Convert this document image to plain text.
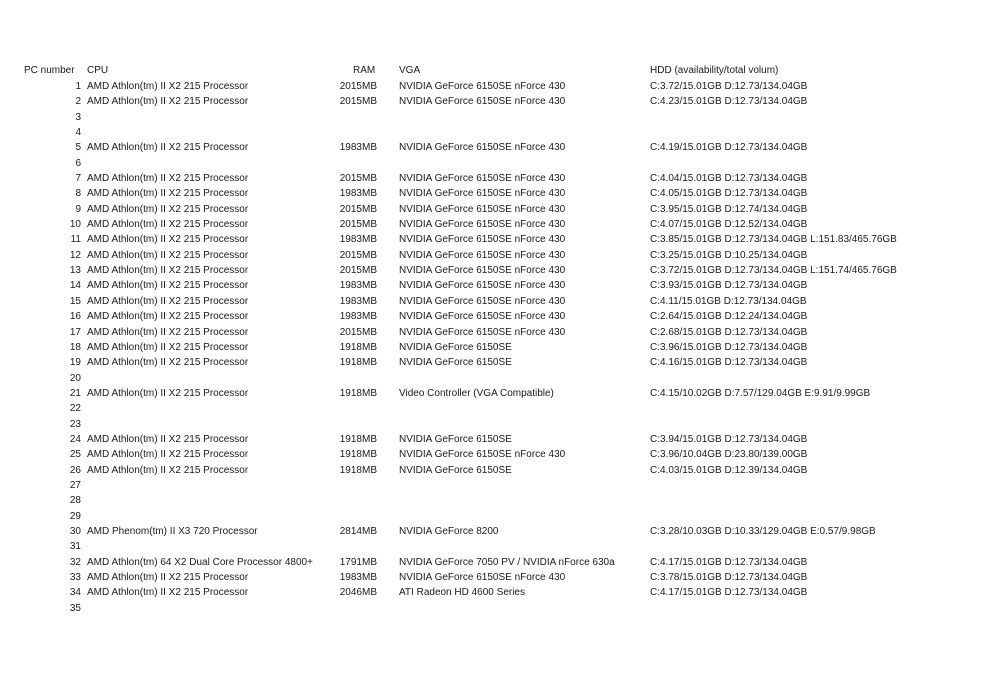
PC number CPU	RAM VGA	HDD (availability/total volum)
1 AMD Athlon(tm) II X2 215 Processor	2015MB NVIDIA GeForce 6150SE nForce 430	C:3.72/15.01GB D:12.73/134.04GB
2 AMD Athlon(tm) II X2 215 Processor	2015MB NVIDIA GeForce 6150SE nForce 430	C:4.23/15.01GB D:12.73/134.04GB
3
4
5 AMD Athlon(tm) II X2 215 Processor	1983MB NVIDIA GeForce 6150SE nForce 430	C:4.19/15.01GB D:12.73/134.04GB
6
7 AMD Athlon(tm) II X2 215 Processor	2015MB NVIDIA GeForce 6150SE nForce 430	C:4.04/15.01GB D:12.73/134.04GB
8 AMD Athlon(tm) II X2 215 Processor	1983MB NVIDIA GeForce 6150SE nForce 430	C:4.05/15.01GB D:12.73/134.04GB
9 AMD Athlon(tm) II X2 215 Processor	2015MB NVIDIA GeForce 6150SE nForce 430	C:3.95/15.01GB D:12.74/134.04GB
10 AMD Athlon(tm) II X2 215 Processor	2015MB NVIDIA GeForce 6150SE nForce 430	C:4.07/15.01GB D:12.52/134.04GB
11 AMD Athlon(tm) II X2 215 Processor	1983MB NVIDIA GeForce 6150SE nForce 430	C:3.85/15.01GB D:12.73/134.04GB L:151.83/465.76GB
12 AMD Athlon(tm) II X2 215 Processor	2015MB NVIDIA GeForce 6150SE nForce 430	C:3.25/15.01GB D:10.25/134.04GB
13 AMD Athlon(tm) II X2 215 Processor	2015MB NVIDIA GeForce 6150SE nForce 430	C:3.72/15.01GB D:12.73/134.04GB L:151.74/465.76GB
14 AMD Athlon(tm) II X2 215 Processor	1983MB NVIDIA GeForce 6150SE nForce 430	C:3.93/15.01GB D:12.73/134.04GB
15 AMD Athlon(tm) II X2 215 Processor	1983MB NVIDIA GeForce 6150SE nForce 430	C:4.11/15.01GB D:12.73/134.04GB
16 AMD Athlon(tm) II X2 215 Processor	1983MB NVIDIA GeForce 6150SE nForce 430	C:2.64/15.01GB D:12.24/134.04GB
17 AMD Athlon(tm) II X2 215 Processor	2015MB NVIDIA GeForce 6150SE nForce 430	C:2.68/15.01GB D:12.73/134.04GB
18 AMD Athlon(tm) II X2 215 Processor	1918MB NVIDIA GeForce 6150SE	C:3.96/15.01GB D:12.73/134.04GB
19 AMD Athlon(tm) II X2 215 Processor	1918MB NVIDIA GeForce 6150SE	C:4.16/15.01GB D:12.73/134.04GB
20
21 AMD Athlon(tm) II X2 215 Processor	1918MB Video Controller (VGA Compatible)	C:4.15/10.02GB D:7.57/129.04GB E:9.91/9.99GB
22
23
24 AMD Athlon(tm) II X2 215 Processor	1918MB NVIDIA GeForce 6150SE	C:3.94/15.01GB D:12.73/134.04GB
25 AMD Athlon(tm) II X2 215 Processor	1918MB NVIDIA GeForce 6150SE nForce 430	C:3.96/10.04GB D:23.80/139.00GB
26 AMD Athlon(tm) II X2 215 Processor	1918MB NVIDIA GeForce 6150SE	C:4.03/15.01GB D:12.39/134.04GB
27
28
29
30 AMD Phenom(tm) II X3 720 Processor	2814MB NVIDIA GeForce 8200	C:3.28/10.03GB D:10.33/129.04GB E:0.57/9.98GB
31
32 AMD Athlon(tm) 64 X2 Dual Core Processor 4800+	1791MB NVIDIA GeForce 7050 PV / NVIDIA nForce 630a	C:4.17/15.01GB D:12.73/134.04GB
33 AMD Athlon(tm) II X2 215 Processor	1983MB NVIDIA GeForce 6150SE nForce 430	C:3.78/15.01GB D:12.73/134.04GB
34 AMD Athlon(tm) II X2 215 Processor	2046MB ATI Radeon HD 4600 Series	C:4.17/15.01GB D:12.73/134.04GB
35
